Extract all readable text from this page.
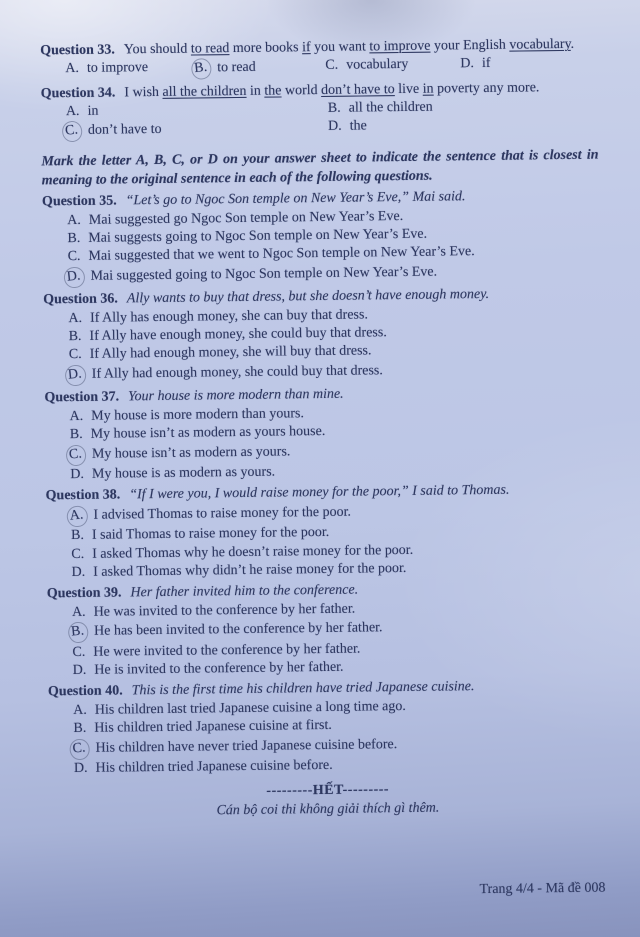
Question 33. You should to read more books if you want to improve your English vocabulary.
A. to improve	B. to read	C. vocabulary	D. if
Question 34. I wish all the children in the world don’t have to live in poverty any more.
A. in	B. all the children
C. don’t have to	D. the
Mark the letter A, B, C, or D on your answer sheet to indicate the sentence that is closest in meaning to the original sentence in each of the following questions.
Question 35. “Let’s go to Ngoc Son temple on New Year’s Eve,” Mai said.
A. Mai suggested go Ngoc Son temple on New Year’s Eve.
B. Mai suggests going to Ngoc Son temple on New Year’s Eve.
C. Mai suggested that we went to Ngoc Son temple on New Year’s Eve.
D. Mai suggested going to Ngoc Son temple on New Year’s Eve.
Question 36. Ally wants to buy that dress, but she doesn’t have enough money.
A. If Ally has enough money, she can buy that dress.
B. If Ally have enough money, she could buy that dress.
C. If Ally had enough money, she will buy that dress.
D. If Ally had enough money, she could buy that dress.
Question 37. Your house is more modern than mine.
A. My house is more modern than yours.
B. My house isn’t as modern as yours house.
C. My house isn’t as modern as yours.
D. My house is as modern as yours.
Question 38. “If I were you, I would raise money for the poor,” I said to Thomas.
A. I advised Thomas to raise money for the poor.
B. I said Thomas to raise money for the poor.
C. I asked Thomas why he doesn’t raise money for the poor.
D. I asked Thomas why didn’t he raise money for the poor.
Question 39. Her father invited him to the conference.
A. He was invited to the conference by her father.
B. He has been invited to the conference by her father.
C. He were invited to the conference by her father.
D. He is invited to the conference by her father.
Question 40. This is the first time his children have tried Japanese cuisine.
A. His children last tried Japanese cuisine a long time ago.
B. His children tried Japanese cuisine at first.
C. His children have never tried Japanese cuisine before.
D. His children tried Japanese cuisine before.
---------HẾT---------
Cán bộ coi thi không giải thích gì thêm.
Trang 4/4 - Mã đề 008
